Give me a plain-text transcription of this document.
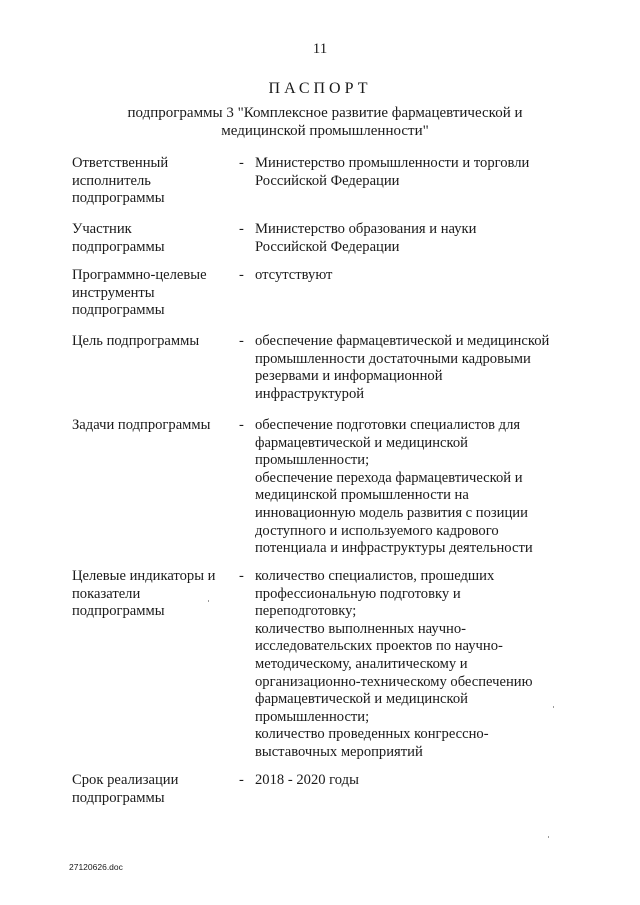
11
ПАСПОРТ
подпрограммы 3 "Комплексное развитие фармацевтической и
медицинской промышленности"
Ответственный
исполнитель
подпрограммы
- Министерство промышленности и торговли

Российской Федерации

Участник
подпрограммы
- Министерство образования и науки

Российской Федерации

Программно-целевые
инструменты
подпрограммы
- отсутствуют

Цель подпрограммы	- обеспечение фармацевтической и медицинской

промышленности достаточными кадровыми

резервами и информационной

инфраструктурой

Задачи подпрограммы	- обеспечение подготовки специалистов для

фармацевтической и медицинской

промышленности;

обеспечение перехода фармацевтической и

медицинской промышленности на

инновационную модель развития с позиции

доступного и используемого кадрового

потенциала и инфраструктуры деятельности

Целевые индикаторы и
показатели
подпрограммы
- количество специалистов, прошедших

профессиональную подготовку и

переподготовку;

количество выполненных научно-

исследовательских проектов по научно-

методическому, аналитическому и

организационно-техническому обеспечению

фармацевтической и медицинской

промышленности;

количество проведенных конгрессно-

выставочных мероприятий

Срок реализации
подпрограммы
- 2018 - 2020 годы

27120626.doc
